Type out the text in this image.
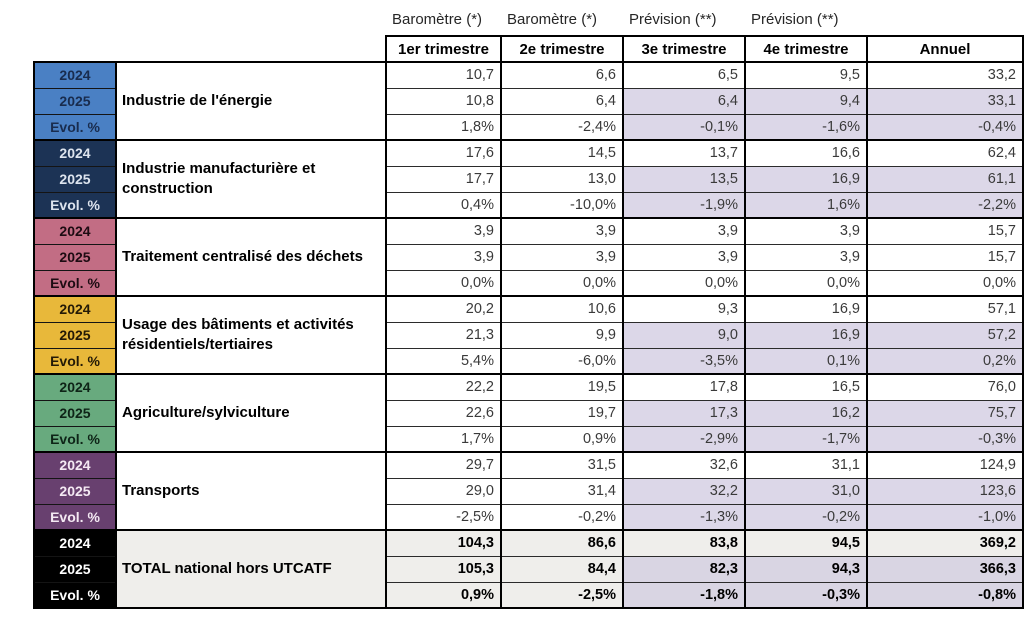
Baromètre (*)	Baromètre (*)	Prévision (**)	Prévision (**)
		1er trimestre	2e trimestre	3e trimestre	4e trimestre	Annuel
2024	Industrie de l'énergie	10,7	6,6	6,5	9,5	33,2
2025		10,8	6,4	6,4	9,4	33,1
Evol. %		1,8%	-2,4%	-0,1%	-1,6%	-0,4%
2024	Industrie manufacturière et construction	17,6	14,5	13,7	16,6	62,4
2025		17,7	13,0	13,5	16,9	61,1
Evol. %		0,4%	-10,0%	-1,9%	1,6%	-2,2%
2024	Traitement centralisé des déchets	3,9	3,9	3,9	3,9	15,7
2025		3,9	3,9	3,9	3,9	15,7
Evol. %		0,0%	0,0%	0,0%	0,0%	0,0%
2024	Usage des bâtiments et activités résidentiels/tertiaires	20,2	10,6	9,3	16,9	57,1
2025		21,3	9,9	9,0	16,9	57,2
Evol. %		5,4%	-6,0%	-3,5%	0,1%	0,2%
2024	Agriculture/sylviculture	22,2	19,5	17,8	16,5	76,0
2025		22,6	19,7	17,3	16,2	75,7
Evol. %		1,7%	0,9%	-2,9%	-1,7%	-0,3%
2024	Transports	29,7	31,5	32,6	31,1	124,9
2025		29,0	31,4	32,2	31,0	123,6
Evol. %		-2,5%	-0,2%	-1,3%	-0,2%	-1,0%
2024	TOTAL national hors UTCATF	104,3	86,6	83,8	94,5	369,2
2025		105,3	84,4	82,3	94,3	366,3
Evol. %		0,9%	-2,5%	-1,8%	-0,3%	-0,8%
